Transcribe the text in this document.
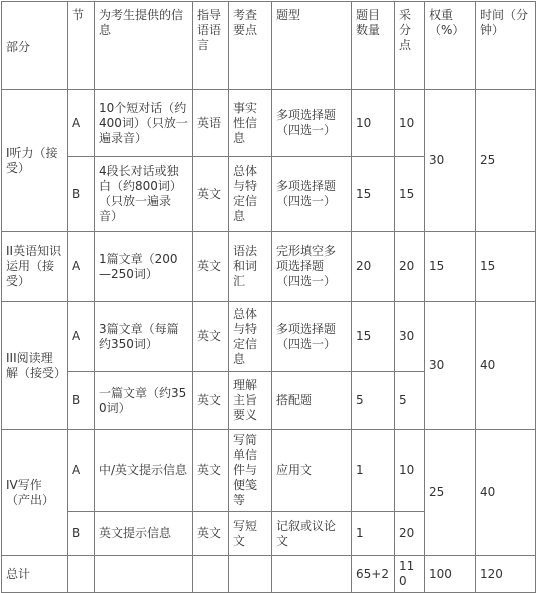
部分	节	为考生提供的信息	指导语语言	考查要点	题型	题目数量	采分点	权重（%）	时间（分钟）
I听力（接受）	A	10个短对话（约400词）（只放一遍录音）	英语	事实性信息	多项选择题（四选一）	10	10	30	25
	B	4段长对话或独白（约800词）（只放一遍录音）	英文	总体与特定信息	多项选择题（四选一）	15	15		
II英语知识运用（接受）	A	1篇文章（200—250词）	英文	语法和词汇	完形填空多项选择题（四选一）	20	20	15	15
III阅读理解（接受）	A	3篇文章（每篇约350词）	英文	总体与特定信息	多项选择题（四选一）	15	30	30	40
	B	一篇文章（约350词）	英文	理解主旨要义	搭配题	5	5		
IV写作（产出）	A	中/英文提示信息	英文	写简单信件与便笺等	应用文	1	10	25	40
	B	英文提示信息	英文	写短文	记叙或议论文	1	20		
总计						65+2	110	100	120
